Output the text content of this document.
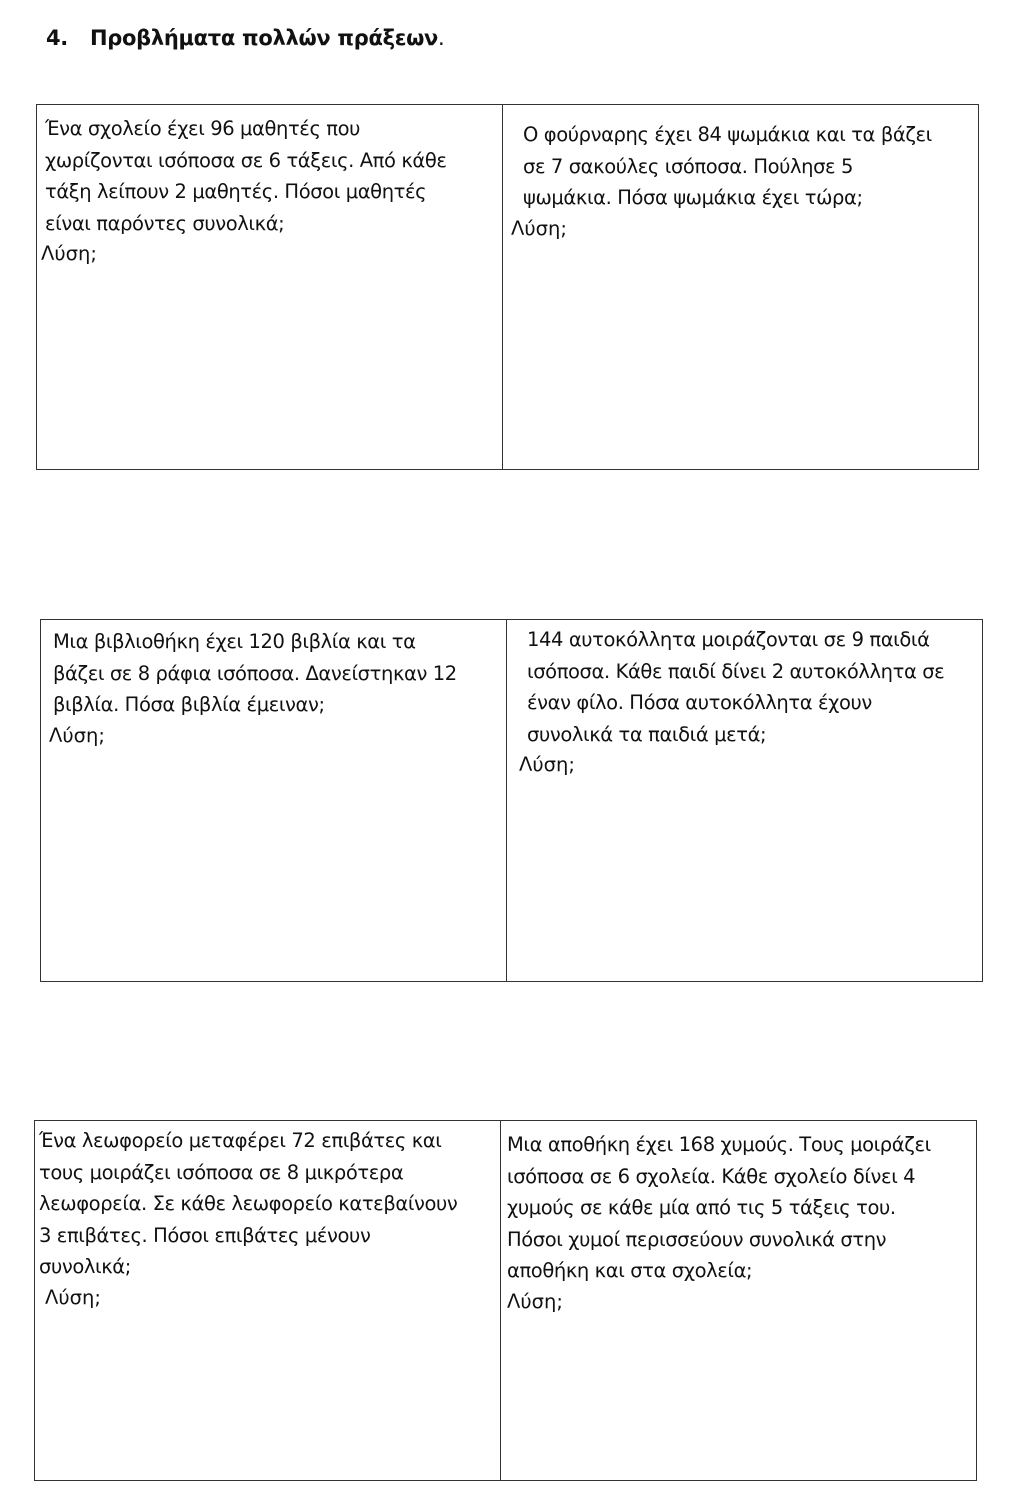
4. Προβλήματα πολλών πράξεων.
Ένα σχολείο έχει 96 μαθητές που
χωρίζονται ισόποσα σε 6 τάξεις. Από κάθε
τάξη λείπουν 2 μαθητές. Πόσοι μαθητές
είναι παρόντες συνολικά;
Λύση;
Ο φούρναρης έχει 84 ψωμάκια και τα βάζει
σε 7 σακούλες ισόποσα. Πούλησε 5
ψωμάκια. Πόσα ψωμάκια έχει τώρα;
Λύση;
Μια βιβλιοθήκη έχει 120 βιβλία και τα
βάζει σε 8 ράφια ισόποσα. Δανείστηκαν 12
βιβλία. Πόσα βιβλία έμειναν;
Λύση;
144 αυτοκόλλητα μοιράζονται σε 9 παιδιά
ισόποσα. Κάθε παιδί δίνει 2 αυτοκόλλητα σε
έναν φίλο. Πόσα αυτοκόλλητα έχουν
συνολικά τα παιδιά μετά;
Λύση;
Ένα λεωφορείο μεταφέρει 72 επιβάτες και
τους μοιράζει ισόποσα σε 8 μικρότερα
λεωφορεία. Σε κάθε λεωφορείο κατεβαίνουν
3 επιβάτες. Πόσοι επιβάτες μένουν
συνολικά;
Λύση;
Μια αποθήκη έχει 168 χυμούς. Τους μοιράζει
ισόποσα σε 6 σχολεία. Κάθε σχολείο δίνει 4
χυμούς σε κάθε μία από τις 5 τάξεις του.
Πόσοι χυμοί περισσεύουν συνολικά στην
αποθήκη και στα σχολεία;
Λύση;
